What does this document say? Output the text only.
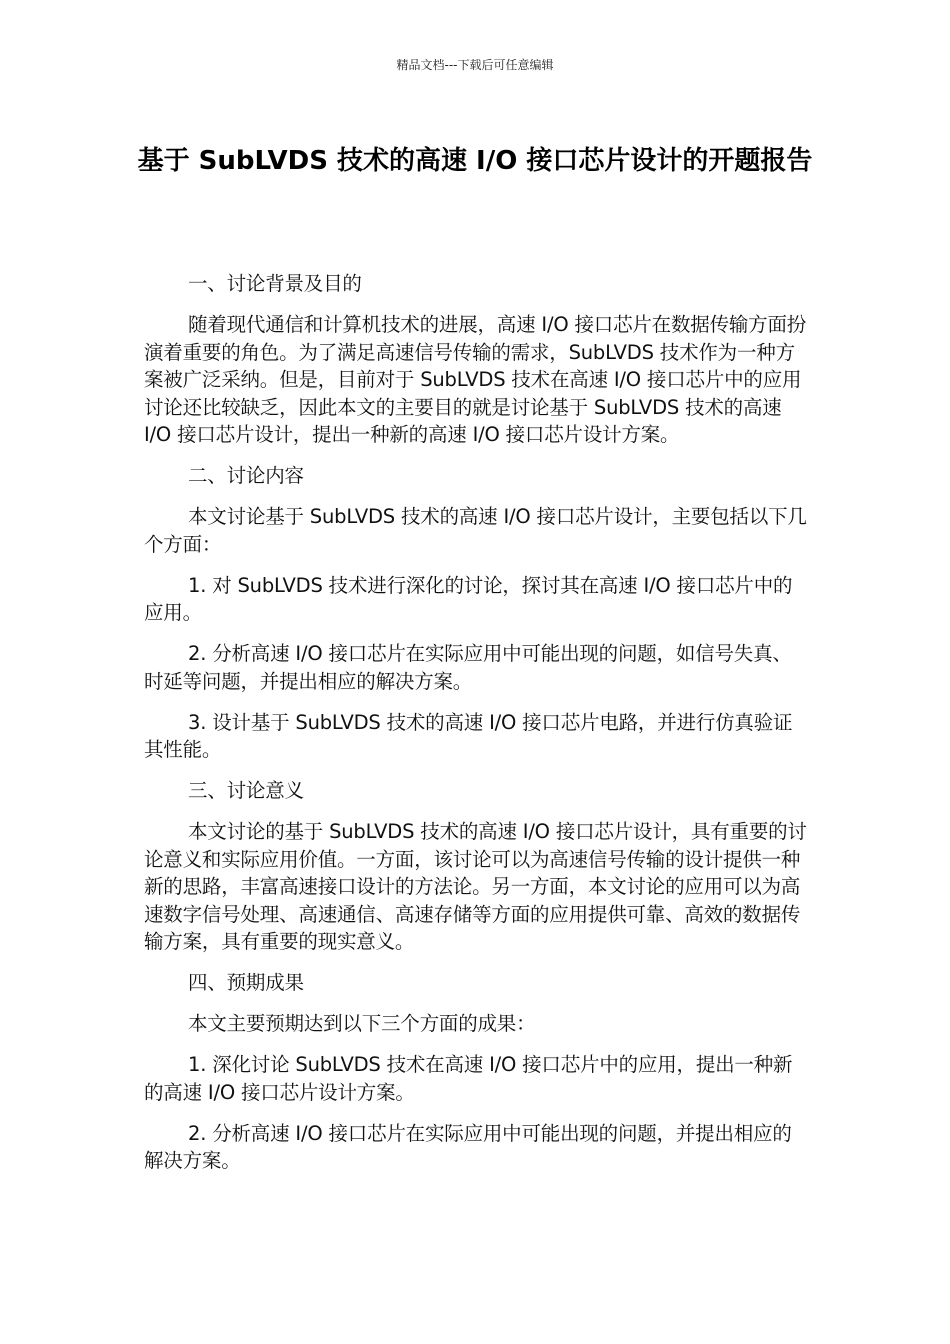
精品文档---下载后可任意编辑
基于 SubLVDS 技术的高速 I/O 接口芯片设计的开题报告

一、讨论背景及目的

随着现代通信和计算机技术的进展，高速 I/O 接口芯片在数据传输方面扮演着重要的角色。为了满足高速信号传输的需求，SubLVDS 技术作为一种方案被广泛采纳。但是，目前对于 SubLVDS 技术在高速 I/O 接口芯片中的应用讨论还比较缺乏，因此本文的主要目的就是讨论基于 SubLVDS 技术的高速 I/O 接口芯片设计，提出一种新的高速 I/O 接口芯片设计方案。

二、讨论内容

本文讨论基于 SubLVDS 技术的高速 I/O 接口芯片设计，主要包括以下几个方面：

1. 对 SubLVDS 技术进行深化的讨论，探讨其在高速 I/O 接口芯片中的应用。

2. 分析高速 I/O 接口芯片在实际应用中可能出现的问题，如信号失真、时延等问题，并提出相应的解决方案。

3. 设计基于 SubLVDS 技术的高速 I/O 接口芯片电路，并进行仿真验证其性能。

三、讨论意义

本文讨论的基于 SubLVDS 技术的高速 I/O 接口芯片设计，具有重要的讨论意义和实际应用价值。一方面，该讨论可以为高速信号传输的设计提供一种新的思路，丰富高速接口设计的方法论。另一方面，本文讨论的应用可以为高速数字信号处理、高速通信、高速存储等方面的应用提供可靠、高效的数据传输方案，具有重要的现实意义。

四、预期成果

本文主要预期达到以下三个方面的成果：

1. 深化讨论 SubLVDS 技术在高速 I/O 接口芯片中的应用，提出一种新的高速 I/O 接口芯片设计方案。

2. 分析高速 I/O 接口芯片在实际应用中可能出现的问题，并提出相应的解决方案。
